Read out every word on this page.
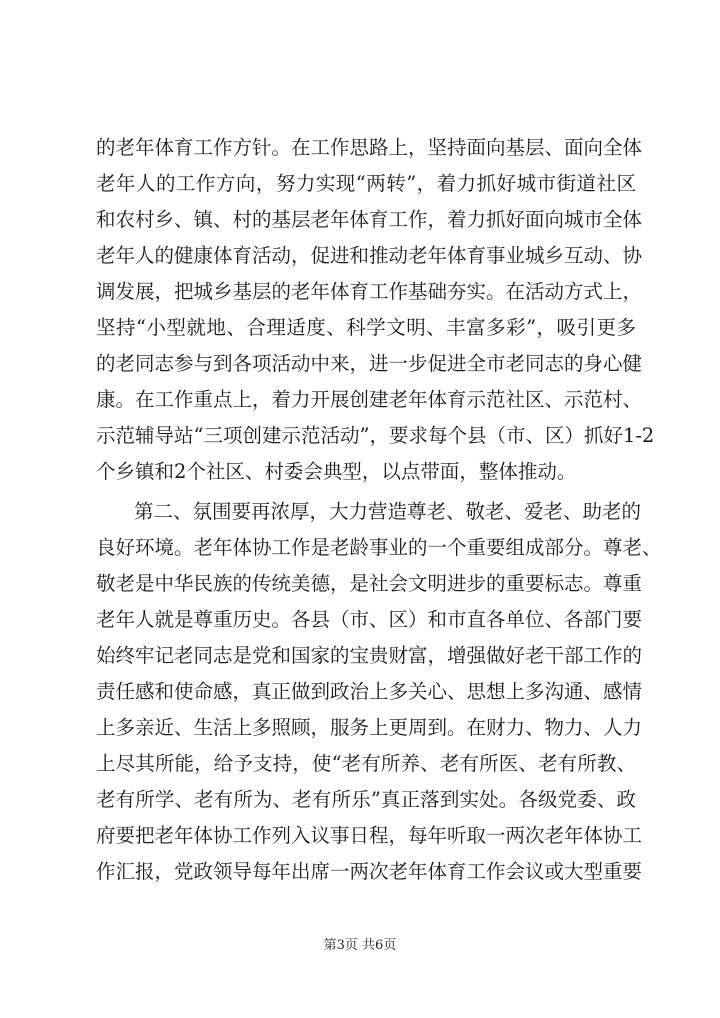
的老年体育工作方针。在工作思路上，坚持面向基层、面向全体
老年人的工作方向，努力实现“两转”，着力抓好城市街道社区
和农村乡、镇、村的基层老年体育工作，着力抓好面向城市全体
老年人的健康体育活动，促进和推动老年体育事业城乡互动、协
调发展，把城乡基层的老年体育工作基础夯实。在活动方式上，
坚持“小型就地、合理适度、科学文明、丰富多彩”，吸引更多
的老同志参与到各项活动中来，进一步促进全市老同志的身心健
康。在工作重点上，着力开展创建老年体育示范社区、示范村、
示范辅导站“三项创建示范活动”，要求每个县（市、区）抓好1-2
个乡镇和2个社区、村委会典型，以点带面，整体推动。
第二、氛围要再浓厚，大力营造尊老、敬老、爱老、助老的
良好环境。老年体协工作是老龄事业的一个重要组成部分。尊老、
敬老是中华民族的传统美德，是社会文明进步的重要标志。尊重
老年人就是尊重历史。各县（市、区）和市直各单位、各部门要
始终牢记老同志是党和国家的宝贵财富，增强做好老干部工作的
责任感和使命感，真正做到政治上多关心、思想上多沟通、感情
上多亲近、生活上多照顾，服务上更周到。在财力、物力、人力
上尽其所能，给予支持，使“老有所养、老有所医、老有所教、
老有所学、老有所为、老有所乐”真正落到实处。各级党委、政
府要把老年体协工作列入议事日程，每年听取一两次老年体协工
作汇报，党政领导每年出席一两次老年体育工作会议或大型重要
第3页 共6页
